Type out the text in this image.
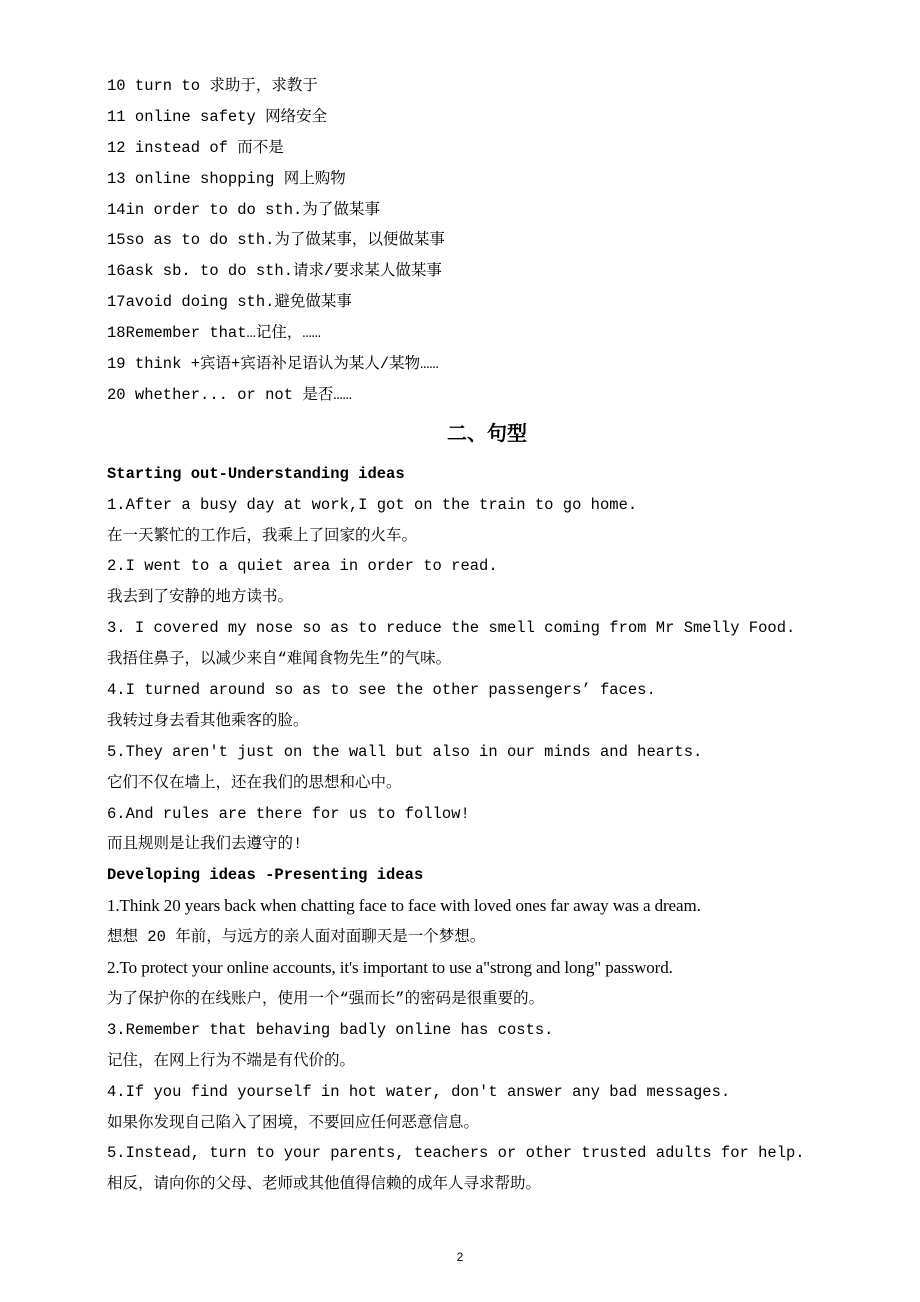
10 turn to 求助于，求教于
11 online safety 网络安全
12 instead of 而不是
13 online shopping 网上购物
14in order to do sth.为了做某事
15so as to do sth.为了做某事，以便做某事
16ask sb. to do sth.请求/要求某人做某事
17avoid doing sth.避免做某事
18Remember that…记住，……
19 think +宾语+宾语补足语认为某人/某物……
20 whether... or not 是否……
二、句型
Starting out-Understanding ideas
1.After a busy day at work,I got on the train to go home.
在一天繁忙的工作后，我乘上了回家的火车。
2.I went to a quiet area in order to read.
我去到了安静的地方读书。
3. I covered my nose so as to reduce the smell coming from Mr Smelly Food.
我捂住鼻子，以减少来自“难闻食物先生”的气味。
4.I turned around so as to see the other passengers’ faces.
我转过身去看其他乘客的脸。
5.They aren't just on the wall but also in our minds and hearts.
它们不仅在墙上，还在我们的思想和心中。
6.And rules are there for us to follow!
而且规则是让我们去遵守的!
Developing ideas -Presenting ideas
1.Think 20 years back when chatting face to face with loved ones far away was a dream.
想想 20 年前，与远方的亲人面对面聊天是一个梦想。
2.To protect your online accounts, it's important to use a"strong and long" password.
为了保护你的在线账户，使用一个“强而长”的密码是很重要的。
3.Remember that behaving badly online has costs.
记住，在网上行为不端是有代价的。
4.If you find yourself in hot water, don't answer any bad messages.
如果你发现自己陷入了困境，不要回应任何恶意信息。
5.Instead, turn to your parents, teachers or other trusted adults for help.
相反，请向你的父母、老师或其他值得信赖的成年人寻求帮助。
2
